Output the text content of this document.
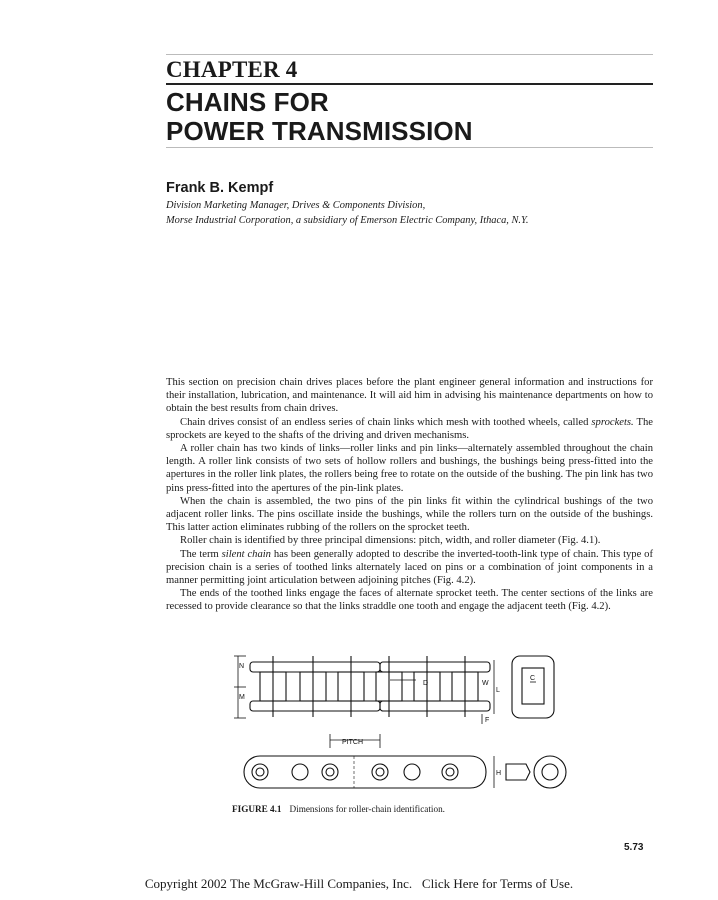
CHAPTER 4
CHAINS FOR
POWER TRANSMISSION
Frank B. Kempf
Division Marketing Manager, Drives & Components Division,
Morse Industrial Corporation, a subsidiary of Emerson Electric Company, Ithaca, N.Y.

This section on precision chain drives places before the plant engineer general information and instructions for their installation, lubrication, and maintenance. It will aid him in advising his maintenance departments on how to obtain the best results from chain drives.

Chain drives consist of an endless series of chain links which mesh with toothed wheels, called sprockets. The sprockets are keyed to the shafts of the driving and driven mechanisms.

A roller chain has two kinds of links—roller links and pin links—alternately assembled throughout the chain length. A roller link consists of two sets of hollow rollers and bushings, the bushings being press-fitted into the apertures in the roller link plates, the rollers being free to rotate on the outside of the bushing. The pin link has two pins press-fitted into the apertures of the pin-link plates.

When the chain is assembled, the two pins of the pin links fit within the cylindrical bushings of the two adjacent roller links. The pins oscillate inside the bushings, while the rollers turn on the outside of the bushings. This latter action eliminates rubbing of the rollers on the sprocket teeth.

Roller chain is identified by three principal dimensions: pitch, width, and roller diameter (Fig. 4.1).

The term silent chain has been generally adopted to describe the inverted-tooth-link type of chain. This type of precision chain is a series of toothed links alternately laced on pins or a combination of joint components in a manner permitting joint articulation between adjoining pitches (Fig. 4.2).

The ends of the toothed links engage the faces of alternate sprocket teeth. The center sections of the links are recessed to provide clearance so that the links straddle one tooth and engage the adjacent teeth (Fig. 4.2).

N
M
D	W
L
C
F
H
PITCH
FIGURE 4.1 Dimensions for roller-chain identification.
5.73
Copyright 2002 The McGraw-Hill Companies, Inc. Click Here for Terms of Use.
